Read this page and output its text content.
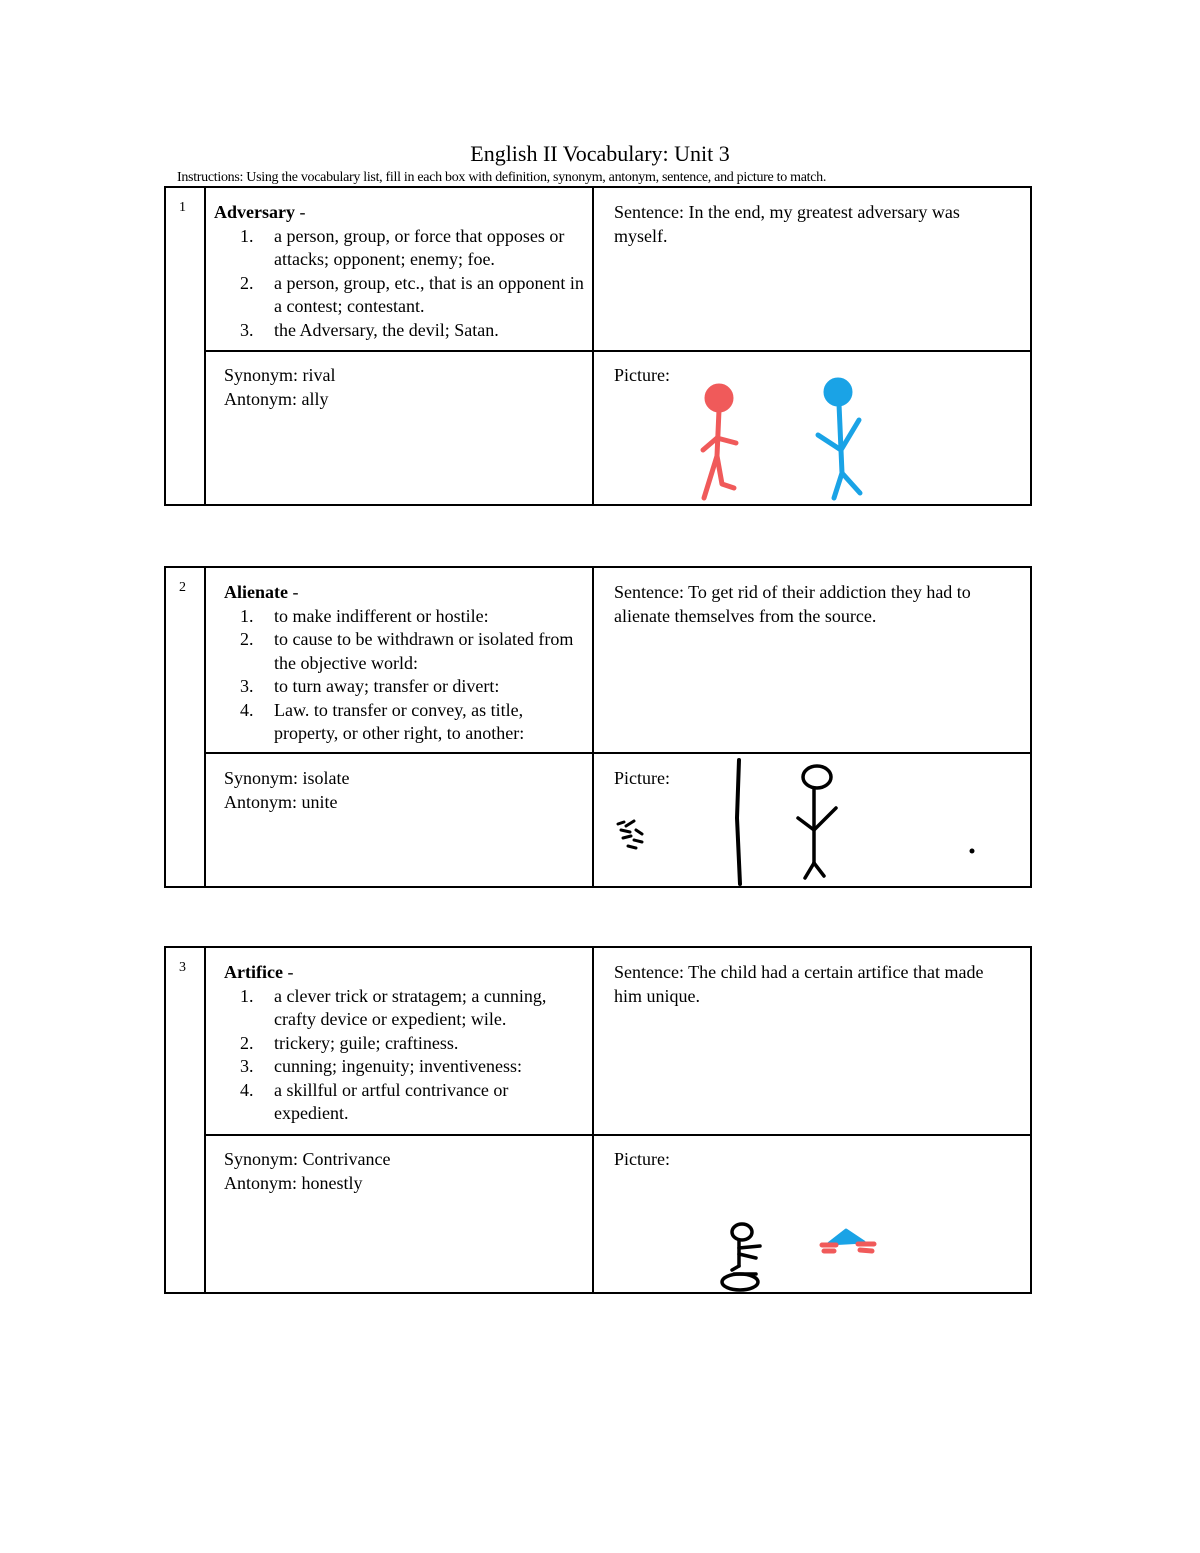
English II Vocabulary: Unit 3
Instructions: Using the vocabulary list, fill in each box with definition, synonym, antonym, sentence, and picture to match.
1 Adversary -
1. a person, group, or force that opposes or attacks; opponent; enemy; foe.
2. a person, group, etc., that is an opponent in a contest; contestant.
3. the Adversary, the devil; Satan.
Sentence: In the end, my greatest adversary was myself.
Synonym: rival
Antonym: ally
Picture:
2 Alienate -
1. to make indifferent or hostile:
2. to cause to be withdrawn or isolated from the objective world:
3. to turn away; transfer or divert:
4. Law. to transfer or convey, as title, property, or other right, to another:
Sentence: To get rid of their addiction they had to alienate themselves from the source.
Synonym: isolate
Antonym: unite
Picture:
3 Artifice -
1. a clever trick or stratagem; a cunning, crafty device or expedient; wile.
2. trickery; guile; craftiness.
3. cunning; ingenuity; inventiveness:
4. a skillful or artful contrivance or expedient.
Sentence: The child had a certain artifice that made him unique.
Synonym: Contrivance
Antonym: honestly
Picture:
